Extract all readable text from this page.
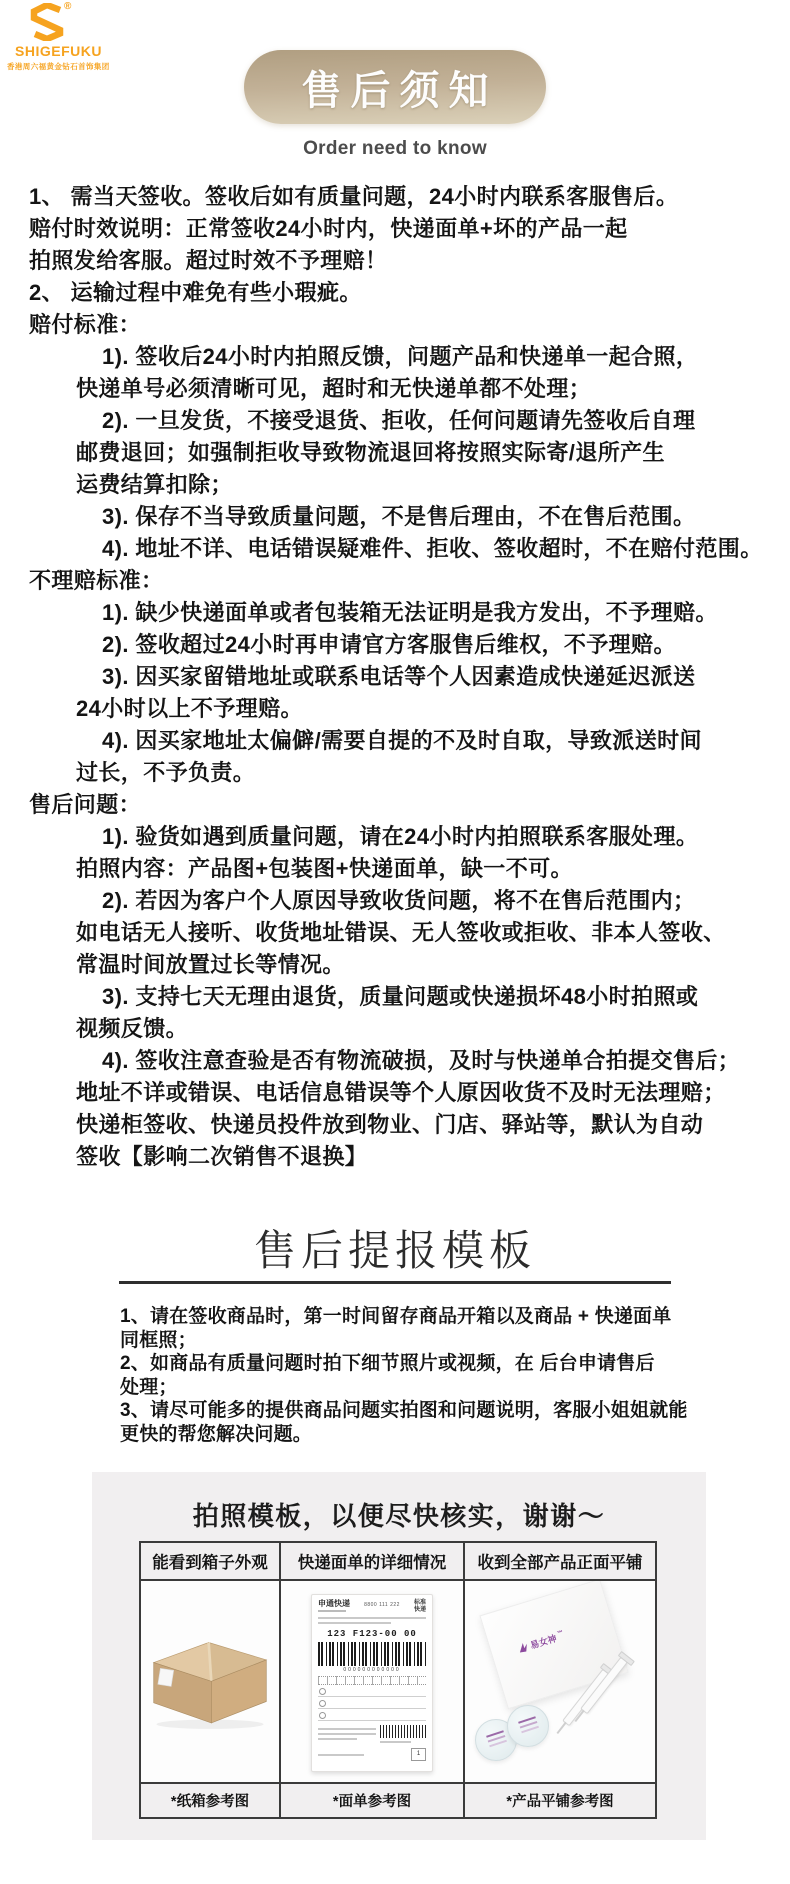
®
SHIGEFUKU
香港周六福黄金钻石首饰集团
售后须知
Order need to know
1、 需当天签收。签收后如有质量问题，24小时内联系客服售后。
赔付时效说明：正常签收24小时内，快递面单+坏的产品一起
拍照发给客服。超过时效不予理赔！
2、 运输过程中难免有些小瑕疵。
赔付标准：
1). 签收后24小时内拍照反馈，问题产品和快递单一起合照，
快递单号必须清晰可见，超时和无快递单都不处理；
2). 一旦发货，不接受退货、拒收，任何问题请先签收后自理
邮费退回；如强制拒收导致物流退回将按照实际寄/退所产生
运费结算扣除；
3). 保存不当导致质量问题，不是售后理由，不在售后范围。
4). 地址不详、电话错误疑难件、拒收、签收超时，不在赔付范围。
不理赔标准：
1). 缺少快递面单或者包装箱无法证明是我方发出，不予理赔。
2). 签收超过24小时再申请官方客服售后维权，不予理赔。
3). 因买家留错地址或联系电话等个人因素造成快递延迟派送
24小时以上不予理赔。
4). 因买家地址太偏僻/需要自提的不及时自取，导致派送时间
过长，不予负责。
售后问题：
1). 验货如遇到质量问题，请在24小时内拍照联系客服处理。
拍照内容：产品图+包装图+快递面单，缺一不可。
2). 若因为客户个人原因导致收货问题，将不在售后范围内；
如电话无人接听、收货地址错误、无人签收或拒收、非本人签收、
常温时间放置过长等情况。
3). 支持七天无理由退货，质量问题或快递损坏48小时拍照或
视频反馈。
4). 签收注意查验是否有物流破损，及时与快递单合拍提交售后；
地址不详或错误、电话信息错误等个人原因收货不及时无法理赔；
快递柜签收、快递员投件放到物业、门店、驿站等，默认为自动
签收【影响二次销售不退换】
售后提报模板
1、请在签收商品时，第一时间留存商品开箱以及商品 + 快递面单
同框照；
2、如商品有质量问题时拍下细节照片或视频，在 后台申请售后
处理；
3、请尽可能多的提供商品问题实拍图和问题说明，客服小姐姐就能
更快的帮您解决问题。
拍照模板，以便尽快核实，谢谢～
能看到箱子外观 快递面单的详细情况 收到全部产品正面平铺
申通快递	8800 111 222 标准
快递
123 F123-00 00
000000000000
1
易女神
™
*纸箱参考图	*面单参考图	*产品平铺参考图
